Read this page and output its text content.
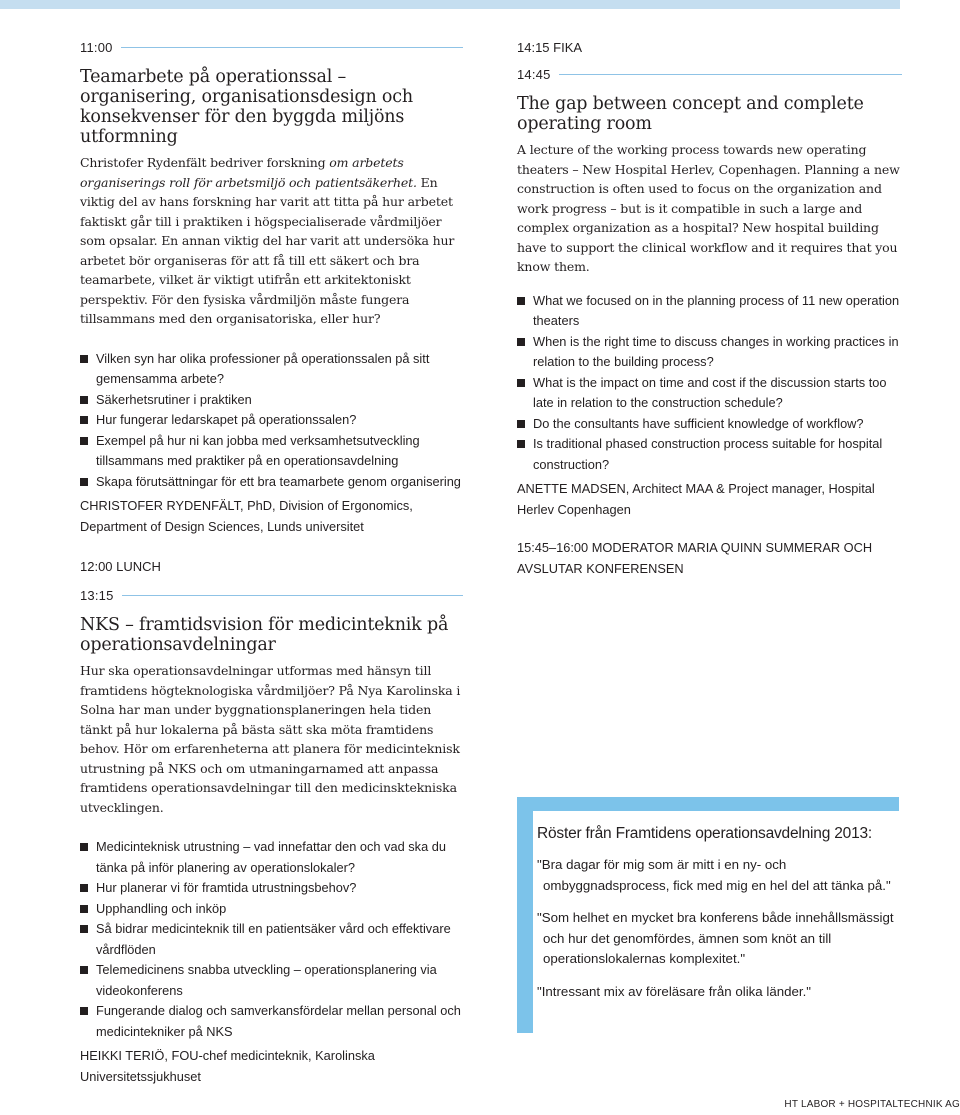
11:00
Teamarbete på operationssal – organisering, organisationsdesign och konsekvenser för den byggda miljöns utformning

Christofer Rydenfält bedriver forskning om arbetets organiserings roll för arbetsmiljö och patientsäkerhet. En viktig del av hans forskning har varit att titta på hur arbetet faktiskt går till i praktiken i högspecialiserade vårdmiljöer som opsalar. En annan viktig del har varit att undersöka hur arbetet bör organiseras för att få till ett säkert och bra teamarbete, vilket är viktigt utifrån ett arkitektoniskt perspektiv. För den fysiska vårdmiljön måste fungera tillsammans med den organisatoriska, eller hur?

Vilken syn har olika professioner på operationssalen på sitt gemensamma arbete?
Säkerhetsrutiner i praktiken
Hur fungerar ledarskapet på operationssalen?
Exempel på hur ni kan jobba med verksamhetsutveckling tillsammans med praktiker på en operationsavdelning
Skapa förutsättningar för ett bra teamarbete genom organisering
CHRISTOFER RYDENFÄLT, PhD, Division of Ergonomics, Department of Design Sciences, Lunds universitet
12:00 LUNCH
13:15
NKS – framtidsvision för medicinteknik på operationsavdelningar

Hur ska operationsavdelningar utformas med hänsyn till framtidens högteknologiska vårdmiljöer? På Nya Karolinska i Solna har man under byggnationsplaneringen hela tiden tänkt på hur lokalerna på bästa sätt ska möta framtidens behov. Hör om erfarenheterna att planera för medicinteknisk utrustning på NKS och om utmaningarnamed att anpassa framtidens operationsavdelningar till den medicinsktekniska utvecklingen.

Medicinteknisk utrustning – vad innefattar den och vad ska du tänka på inför planering av operationslokaler?
Hur planerar vi för framtida utrustningsbehov?
Upphandling och inköp
Så bidrar medicinteknik till en patientsäker vård och effektivare vårdflöden
Telemedicinens snabba utveckling – operationsplanering via videokonferens
Fungerande dialog och samverkansfördelar mellan personal och medicintekniker på NKS
HEIKKI TERIÖ, FOU-chef medicinteknik, Karolinska Universitetssjukhuset
14:15 FIKA
14:45
The gap between concept and complete operating room

A lecture of the working process towards new operating theaters – New Hospital Herlev, Copenhagen. Planning a new construction is often used to focus on the organization and work progress – but is it compatible in such a large and complex organization as a hospital? New hospital building have to support the clinical workflow and it requires that you know them.

What we focused on in the planning process of 11 new operation theaters
When is the right time to discuss changes in working practices in relation to the building process?
What is the impact on time and cost if the discussion starts too late in relation to the construction schedule?
Do the consultants have sufficient knowledge of workflow?
Is traditional phased construction process suitable for hospital construction?
ANETTE MADSEN, Architect MAA & Project manager, Hospital Herlev Copenhagen
15:45–16:00 MODERATOR MARIA QUINN SUMMERAR OCH AVSLUTAR KONFERENSEN
Röster från Framtidens operationsavdelning 2013:
"Bra dagar för mig som är mitt i en ny- och ombyggnadsprocess, fick med mig en hel del att tänka på."
"Som helhet en mycket bra konferens både innehållsmässigt och hur det genomfördes, ämnen som knöt an till operationslokalernas komplexitet."
"Intressant mix av föreläsare från olika länder."
HT LABOR + HOSPITALTECHNIK AG
